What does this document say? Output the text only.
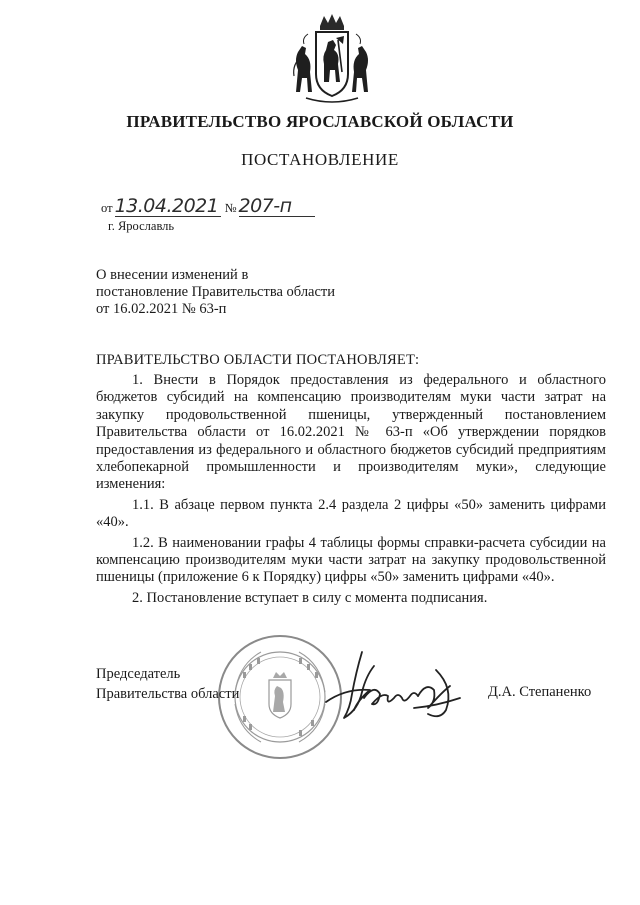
ПРАВИТЕЛЬСТВО ЯРОСЛАВСКОЙ ОБЛАСТИ
ПОСТАНОВЛЕНИЕ
от 13.04.2021 № 207-п
г. Ярославль
О внесении изменений в постановление Правительства области от 16.02.2021 № 63-п
ПРАВИТЕЛЬСТВО ОБЛАСТИ ПОСТАНОВЛЯЕТ:

1. Внести в Порядок предоставления из федерального и областного бюджетов субсидий на компенсацию производителям муки части затрат на закупку продовольственной пшеницы, утвержденный постановлением Правительства области от 16.02.2021 № 63-п «Об утверждении порядков предоставления из федерального и областного бюджетов субсидий предприятиям хлебопекарной промышленности и производителям муки», следующие изменения:

1.1. В абзаце первом пункта 2.4 раздела 2 цифры «50» заменить цифрами «40».

1.2. В наименовании графы 4 таблицы формы справки-расчета субсидии на компенсацию производителям муки части затрат на закупку продовольственной пшеницы (приложение 6 к Порядку) цифры «50» заменить цифрами «40».

2. Постановление вступает в силу с момента подписания.

Председатель
Правительства области	Д.А. Степаненко
